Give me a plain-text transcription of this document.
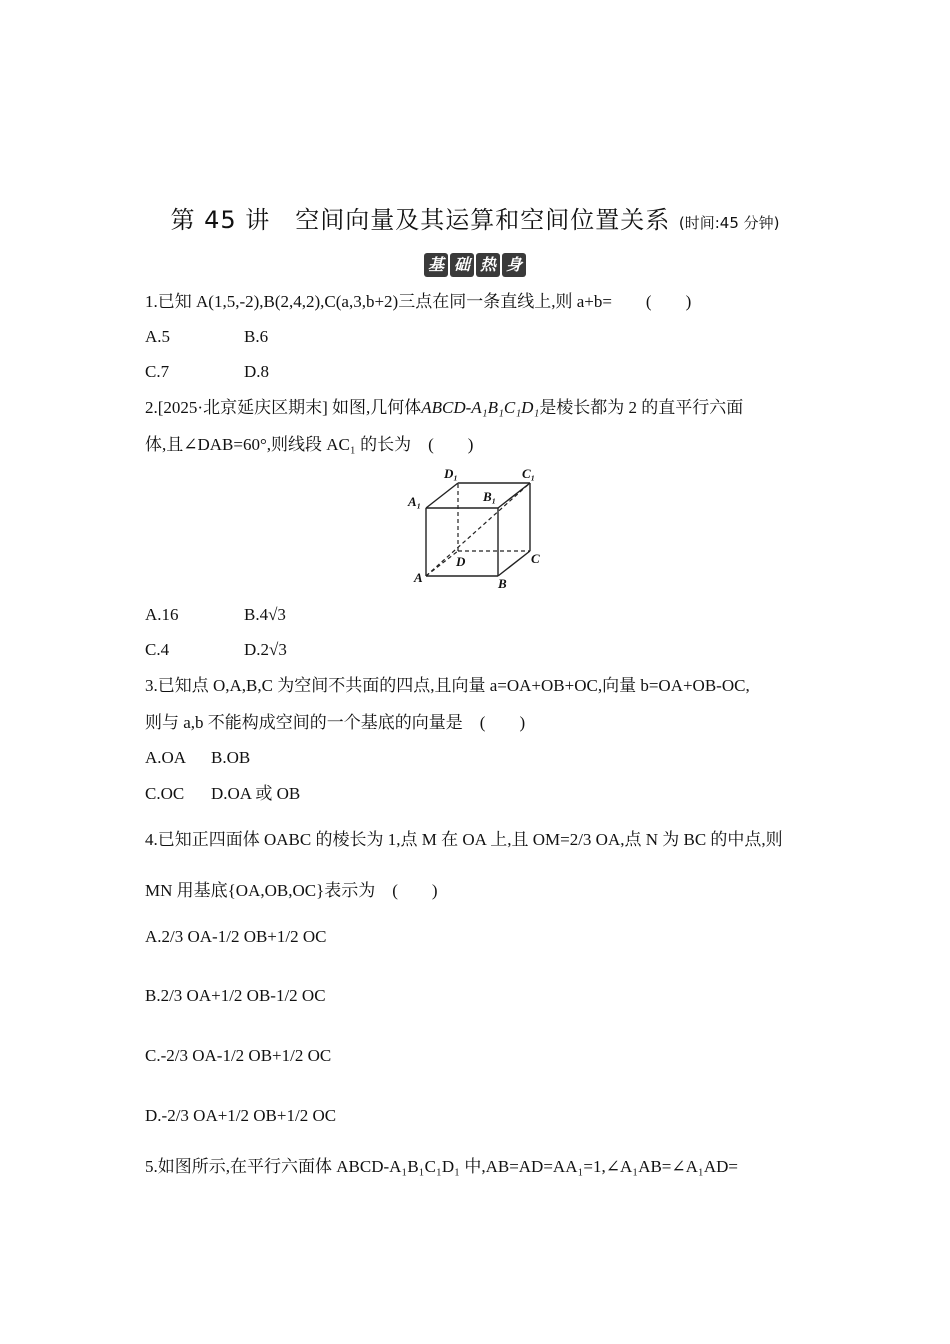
第 45 讲　空间向量及其运算和空间位置关系 (时间:45 分钟)
基 础 热 身
1.已知 A(1,5,-2),B(2,4,2),C(a,3,b+2)三点在同一条直线上,则 a+b=　　(　　)
A.5	B.6
C.7	D.8
2.[2025·北京延庆区期末] 如图,几何体ABCD-A₁B₁C₁D₁是棱长都为 2 的直平行六面
体,且∠DAB=60°,则线段 AC₁ 的长为　(　　)
D₁	C₁
A₁	B₁
D	C
A	B
A.16	B.4√3
C.4	D.2√3
3.已知点 O,A,B,C 为空间不共面的四点,且向量 a=OA+OB+OC,向量 b=OA+OB-OC,
则与 a,b 不能构成空间的一个基底的向量是　(　　)
A.OA B.OB
C.OC D.OA 或 OB
4.已知正四面体 OABC 的棱长为 1,点 M 在 OA 上,且 OM=2/3 OA,点 N 为 BC 的中点,则
MN 用基底{OA,OB,OC}表示为　(　　)
A.2/3 OA-1/2 OB+1/2 OC
B.2/3 OA+1/2 OB-1/2 OC
C.-2/3 OA-1/2 OB+1/2 OC
D.-2/3 OA+1/2 OB+1/2 OC
5.如图所示,在平行六面体 ABCD-A₁B₁C₁D₁ 中,AB=AD=AA₁=1,∠A₁AB=∠A₁AD=
